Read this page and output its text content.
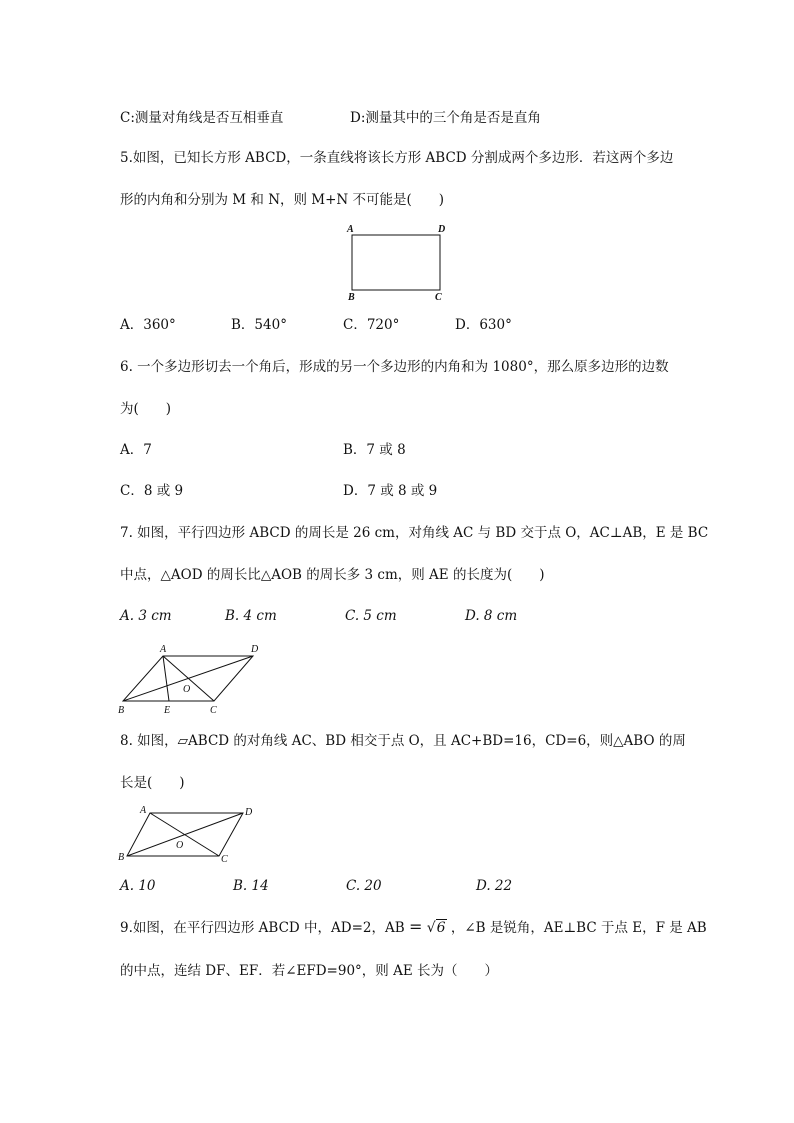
C:测量对角线是否互相垂直	D:测量其中的三个角是否是直角
5.如图，已知长方形 ABCD，一条直线将该长方形 ABCD 分割成两个多边形．若这两个多边
形的内角和分别为 M 和 N，则 M+N 不可能是(　　)
A	D
B	C
A．360°	B．540°	C．720°	D．630°
6. 一个多边形切去一个角后，形成的另一个多边形的内角和为 1080°，那么原多边形的边数
为(　　)
A．7	B．7 或 8
C．8 或 9	D．7 或 8 或 9
7. 如图，平行四边形 ABCD 的周长是 26 cm，对角线 AC 与 BD 交于点 O，AC⊥AB，E 是 BC
中点，△AOD 的周长比△AOB 的周长多 3 cm，则 AE 的长度为(　　)
A. 3 cm	B. 4 cm	C. 5 cm	D. 8 cm
A	D
B	E	C
O
8. 如图，▱ABCD 的对角线 AC、BD 相交于点 O，且 AC+BD=16，CD=6，则△ABO 的周
长是(　　)
A	D
B	C
O
A. 10	B. 14	C. 20	D. 22
9.如图，在平行四边形 ABCD 中，AD=2，AB = √6 ，∠B 是锐角，AE⊥BC 于点 E，F 是 AB
的中点，连结 DF、EF．若∠EFD=90°，则 AE 长为（　　）
